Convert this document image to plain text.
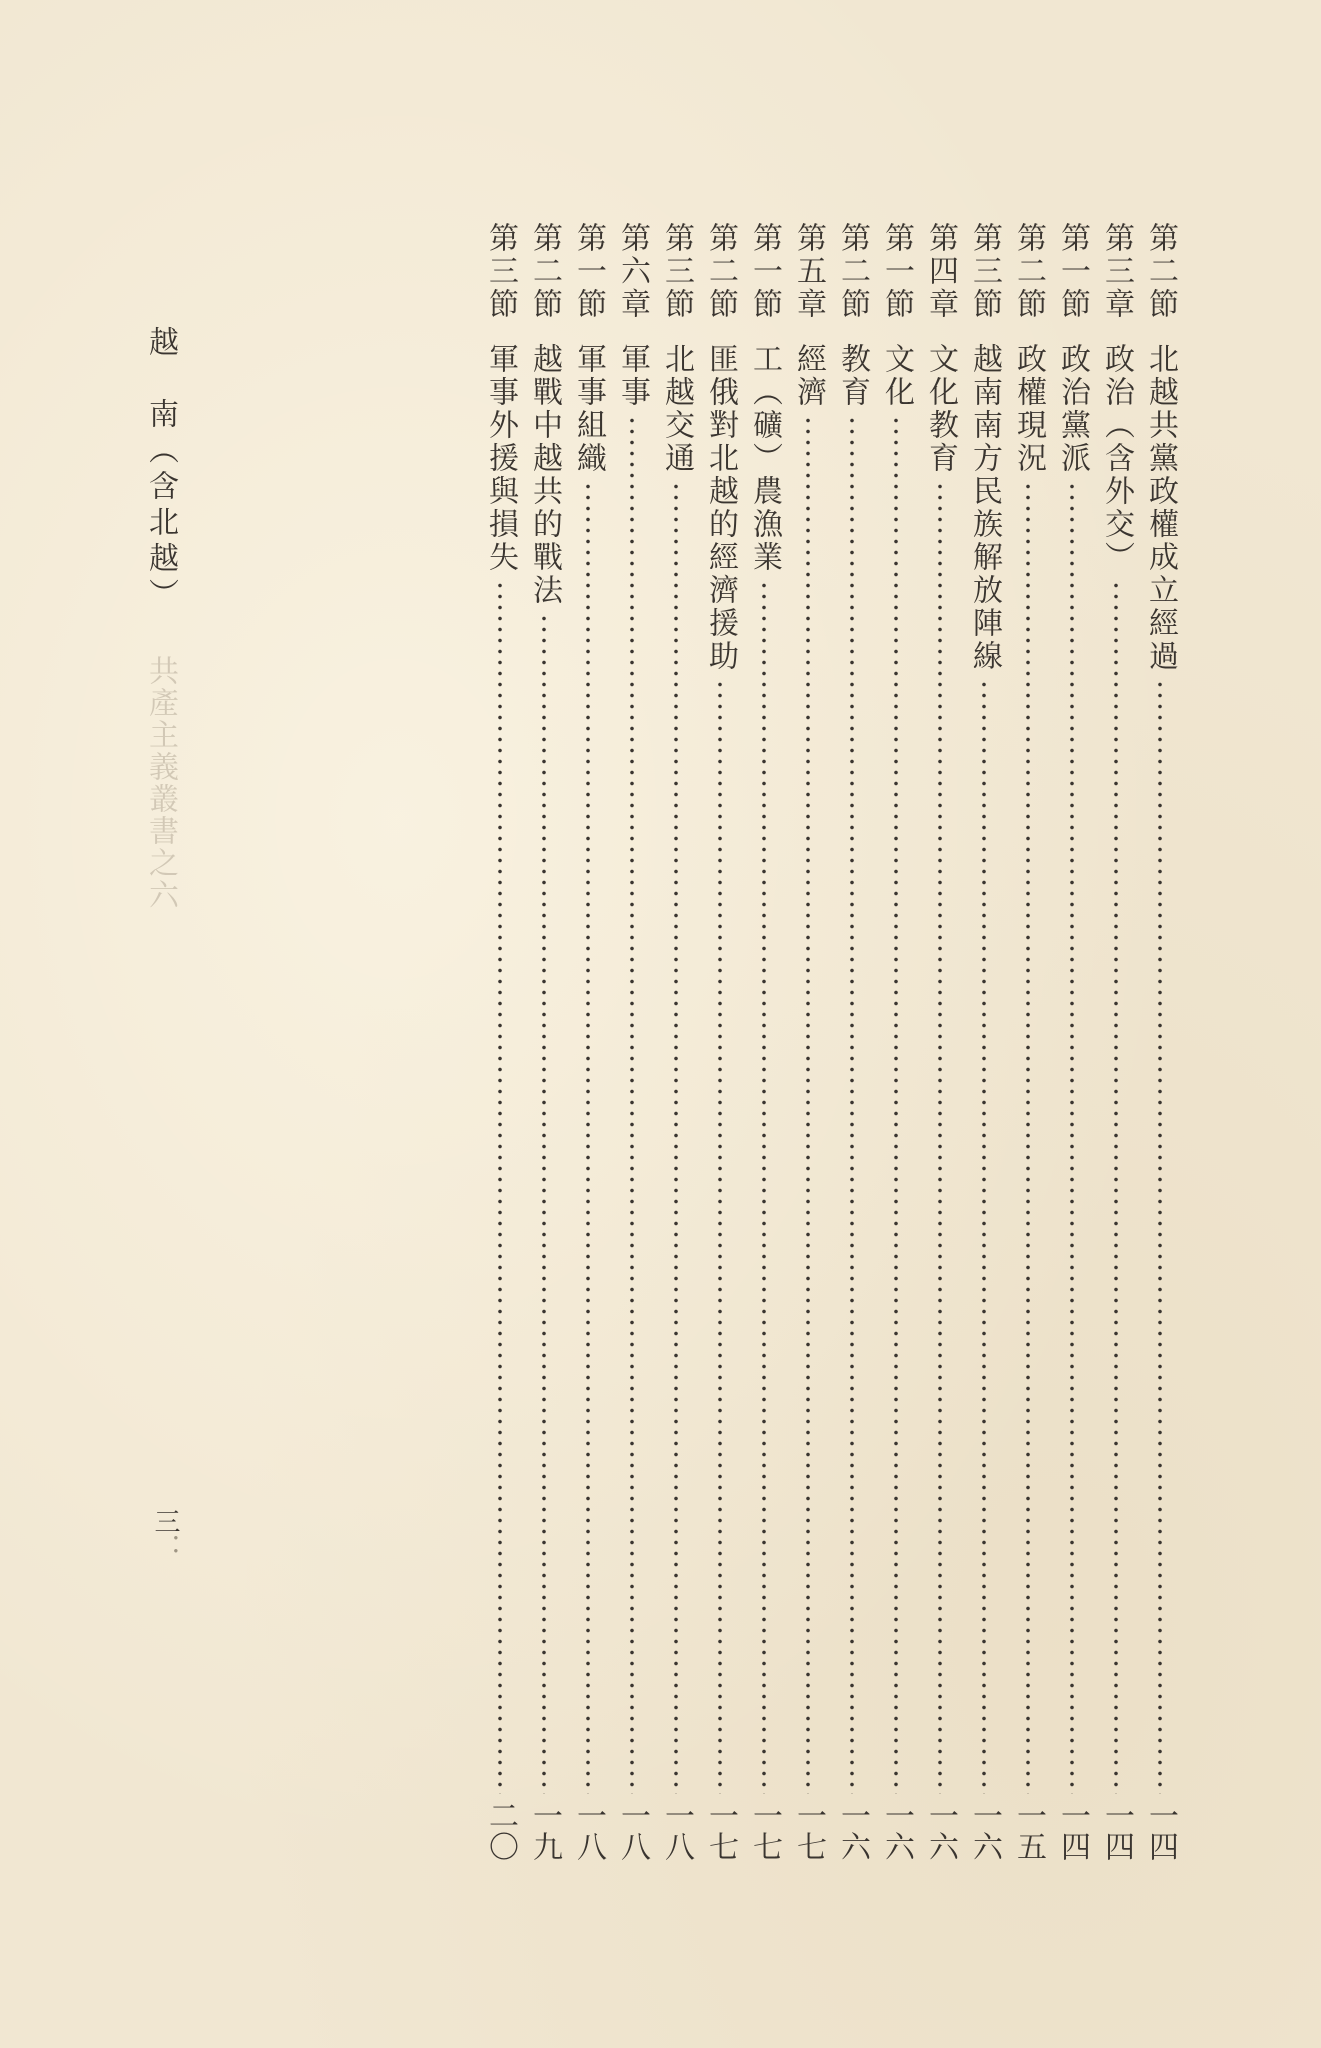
第二節北越共黨政權成立經過
一四
第三章政治（含外交）
一四
第一節政治黨派
一四
第二節政權現況
一五
第三節越南南方民族解放陣線
一六
第四章文化教育
一六
第一節文化
一六
第二節教育
一六
第五章經濟
一七
第一節工（礦）農漁業
一七
第二節匪俄對北越的經濟援助
一七
第三節北越交通
一八
第六章軍事
一八
第一節軍事組織
一八
第二節越戰中越共的戰法
一九
第三節軍事外援與損失
二〇
越　南（含北越） 共產主義叢書之六
三．．
